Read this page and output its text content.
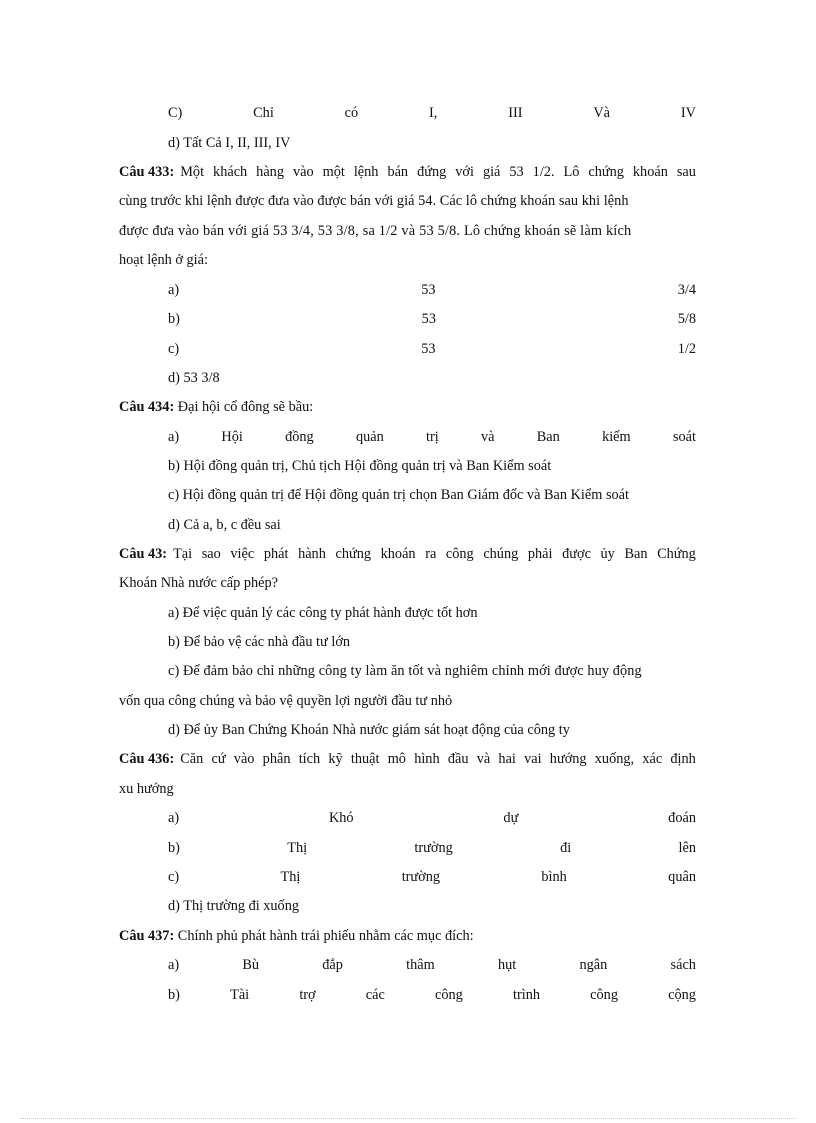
C)	Chỉ	có	I,	III	Và	IV
d) Tất Cả I, II, III, IV
Câu 433: Một khách hàng vào một lệnh bán đứng với giá 53 1/2. Lô chứng khoán sau
cùng trước khi lệnh được đưa vào được bán với giá 54. Các lô chứng khoán sau khi lệnh
được đưa vào bán với giá 53 3/4, 53 3/8, sa 1/2 và 53 5/8. Lô chứng khoán sẽ làm kích
hoạt lệnh ở giá:
a)	53	3/4
b)	53	5/8
c)	53	1/2
d) 53 3/8
Câu 434: Đại hội cổ đông sẽ bầu:
a)	Hội	đồng	quản	trị	và	Ban	kiểm	soát
b) Hội đồng quản trị, Chủ tịch Hội đồng quản trị và Ban Kiểm soát
c) Hội đồng quản trị để Hội đồng quản trị chọn Ban Giám đốc và Ban Kiểm soát
d) Cả a, b, c đều sai
Câu 43: Tại sao việc phát hành chứng khoán ra công chúng phải được ủy Ban Chứng
Khoán Nhà nước cấp phép?
a) Để việc quản lý các công ty phát hành được tốt hơn
b) Để bảo vệ các nhà đầu tư lớn
c) Để đảm bảo chỉ những công ty làm ăn tốt và nghiêm chỉnh mới được huy động
vốn qua công chúng và bảo vệ quyền lợi người đầu tư nhỏ
d) Để ủy Ban Chứng Khoán Nhà nước giám sát hoạt động của công ty
Câu 436: Căn cứ vào phân tích kỹ thuật mô hình đầu và hai vai hướng xuống, xác định
xu hướng
a)	Khó	dự	đoán
b)	Thị	trường	đi	lên
c)	Thị	trường	bình	quân
d) Thị trường đi xuống
Câu 437: Chính phủ phát hành trái phiếu nhằm các mục đích:
a)	Bù	đắp	thâm	hụt	ngân	sách
b)	Tài	trợ	các	công	trình	công	cộng
